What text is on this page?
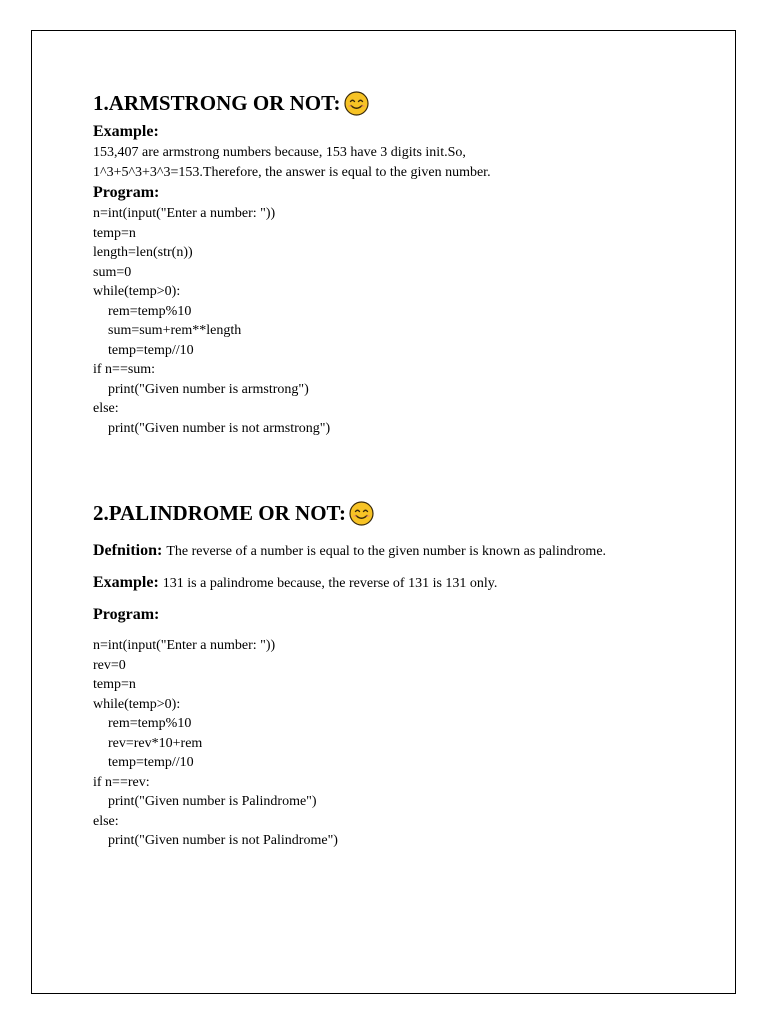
1.ARMSTRONG OR NOT:
Example:
153,407 are armstrong numbers because, 153 have 3 digits init.So,
1^3+5^3+3^3=153.Therefore, the answer is equal to the given number.
Program:
n=int(input("Enter a number: "))
temp=n
length=len(str(n))
sum=0
while(temp>0):
rem=temp%10
sum=sum+rem**length
temp=temp//10
if n==sum:
print("Given number is armstrong")
else:
print("Given number is not armstrong")
2.PALINDROME OR NOT:
Defnition: The reverse of a number is equal to the given number is known as palindrome.
Example: 131 is a palindrome because, the reverse of 131 is 131 only.
Program:
n=int(input("Enter a number: "))
rev=0
temp=n
while(temp>0):
rem=temp%10
rev=rev*10+rem
temp=temp//10
if n==rev:
print("Given number is Palindrome")
else:
print("Given number is not Palindrome")
